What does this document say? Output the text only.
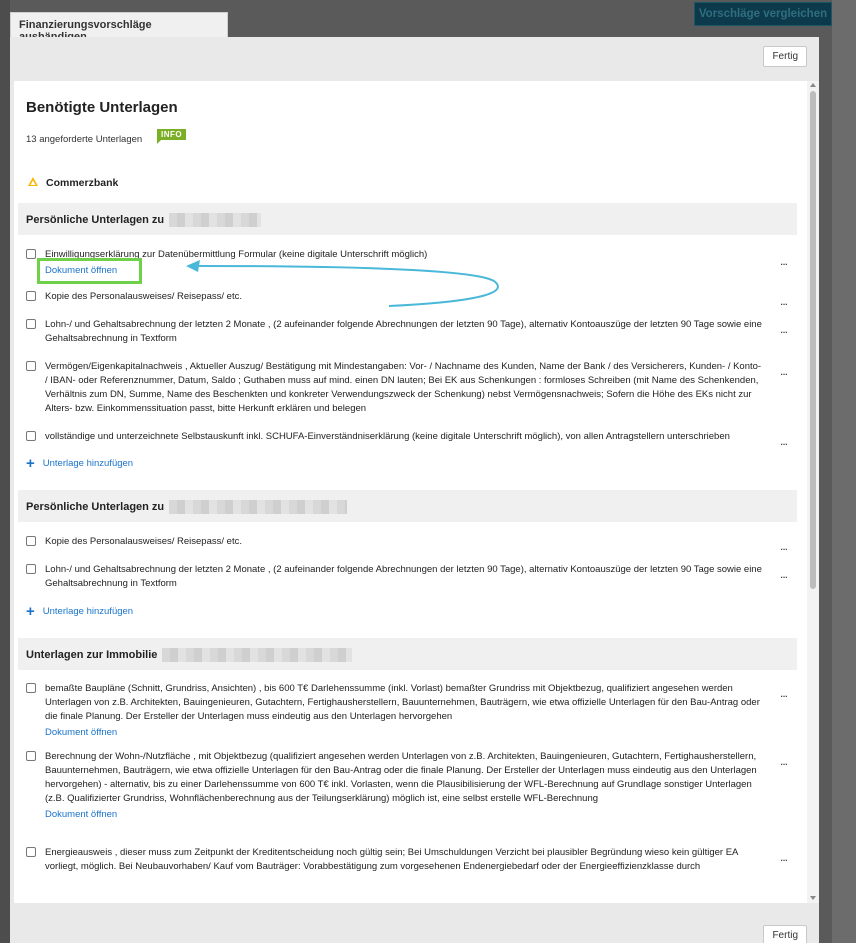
Vorschläge vergleichen
Finanzierungsvorschläge
Fertig
Benötigte Unterlagen
13 angeforderte Unterlagen	INFO
Commerzbank
Persönliche Unterlagen zu
Einwilligungserklärung zur Datenübermittlung Formular (keine digitale Unterschrift möglich)
Dokument öffnen
...
Kopie des Personalausweises/ Reisepass/ etc.	...
Lohn-/ und Gehaltsabrechnung der letzten 2 Monate , (2 aufeinander folgende Abrechnungen der letzten 90 Tage), alternativ Kontoauszüge der letzten 90 Tage sowie eine Gehaltsabrechnung in Textform
...
Vermögen/Eigenkapitalnachweis , Aktueller Auszug/ Bestätigung mit Mindestangaben: Vor- / Nachname des Kunden, Name der Bank / des Versicherers, Kunden- / Konto- / IBAN- oder Referenznummer, Datum, Saldo ; Guthaben muss auf mind. einen DN lauten; Bei EK aus Schenkungen : formloses Schreiben (mit Name des Schenkenden, Verhältnis zum DN, Summe, Name des Beschenkten und konkreter Verwendungszweck der Schenkung) nebst Vermögensnachweis; Sofern die Höhe des EKs nicht zur Alters- bzw. Einkommenssituation passt, bitte Herkunft erklären und belegen
...
vollständige und unterzeichnete Selbstauskunft inkl. SCHUFA-Einverständniserklärung (keine digitale Unterschrift möglich), von allen Antragstellern unterschrieben	...
+ Unterlage hinzufügen
Persönliche Unterlagen zu
Kopie des Personalausweises/ Reisepass/ etc.	...
Lohn-/ und Gehaltsabrechnung der letzten 2 Monate , (2 aufeinander folgende Abrechnungen der letzten 90 Tage), alternativ Kontoauszüge der letzten 90 Tage sowie eine Gehaltsabrechnung in Textform
...
+ Unterlage hinzufügen
Unterlagen zur Immobilie
bemaßte Baupläne (Schnitt, Grundriss, Ansichten) , bis 600 T€ Darlehenssumme (inkl. Vorlast) bemaßter Grundriss mit Objektbezug, qualifiziert angesehen werden Unterlagen von z.B. Architekten, Bauingenieuren, Gutachtern, Fertighausherstellern, Bauunternehmen, Bauträgern, wie etwa offizielle Unterlagen für den Bau-Antrag oder die finale Planung. Der Ersteller der Unterlagen muss eindeutig aus den Unterlagen hervorgehen
Dokument öffnen
...
Berechnung der Wohn-/Nutzfläche , mit Objektbezug (qualifiziert angesehen werden Unterlagen von z.B. Architekten, Bauingenieuren, Gutachtern, Fertighausherstellern, Bauunternehmen, Bauträgern, wie etwa offizielle Unterlagen für den Bau-Antrag oder die finale Planung. Der Ersteller der Unterlagen muss eindeutig aus den Unterlagen hervorgehen) - alternativ, bis zu einer Darlehenssumme von 600 T€ inkl. Vorlasten, wenn die Plausibilisierung der WFL-Berechnung auf Grundlage sonstiger Unterlagen (z.B. Qualifizierter Grundriss, Wohnflächenberechnung aus der Teilungserklärung) möglich ist, eine selbst erstelle WFL-Berechnung
Dokument öffnen
...
Energieausweis , dieser muss zum Zeitpunkt der Kreditentscheidung noch gültig sein; Bei Umschuldungen Verzicht bei plausibler Begründung wieso kein gültiger EA vorliegt, möglich. Bei Neubauvorhaben/ Kauf vom Bauträger: Vorabbestätigung zum vorgesehenen Endenergiebedarf oder der Energieeffizienzklasse durch
...
Fertig
